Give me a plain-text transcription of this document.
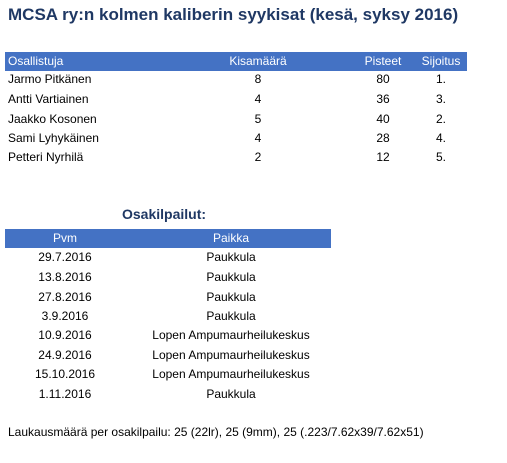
MCSA ry:n kolmen kaliberin syykisat (kesä, syksy 2016)
Osallistuja	Kisamäärä	Pisteet Sijoitus
Jarmo Pitkänen	8	80	1.
Antti Vartiainen	4	36	3.
Jaakko Kosonen	5	40	2.
Sami Lyhykäinen	4	28	4.
Petteri Nyrhilä	2	12	5.
Osakilpailut:
Pvm	Paikka
29.7.2016	Paukkula
13.8.2016	Paukkula
27.8.2016	Paukkula
3.9.2016	Paukkula
10.9.2016	Lopen Ampumaurheilukeskus
24.9.2016	Lopen Ampumaurheilukeskus
15.10.2016	Lopen Ampumaurheilukeskus
1.11.2016	Paukkula
Laukausmäärä per osakilpailu: 25 (22lr), 25 (9mm), 25 (.223/7.62x39/7.62x51)
